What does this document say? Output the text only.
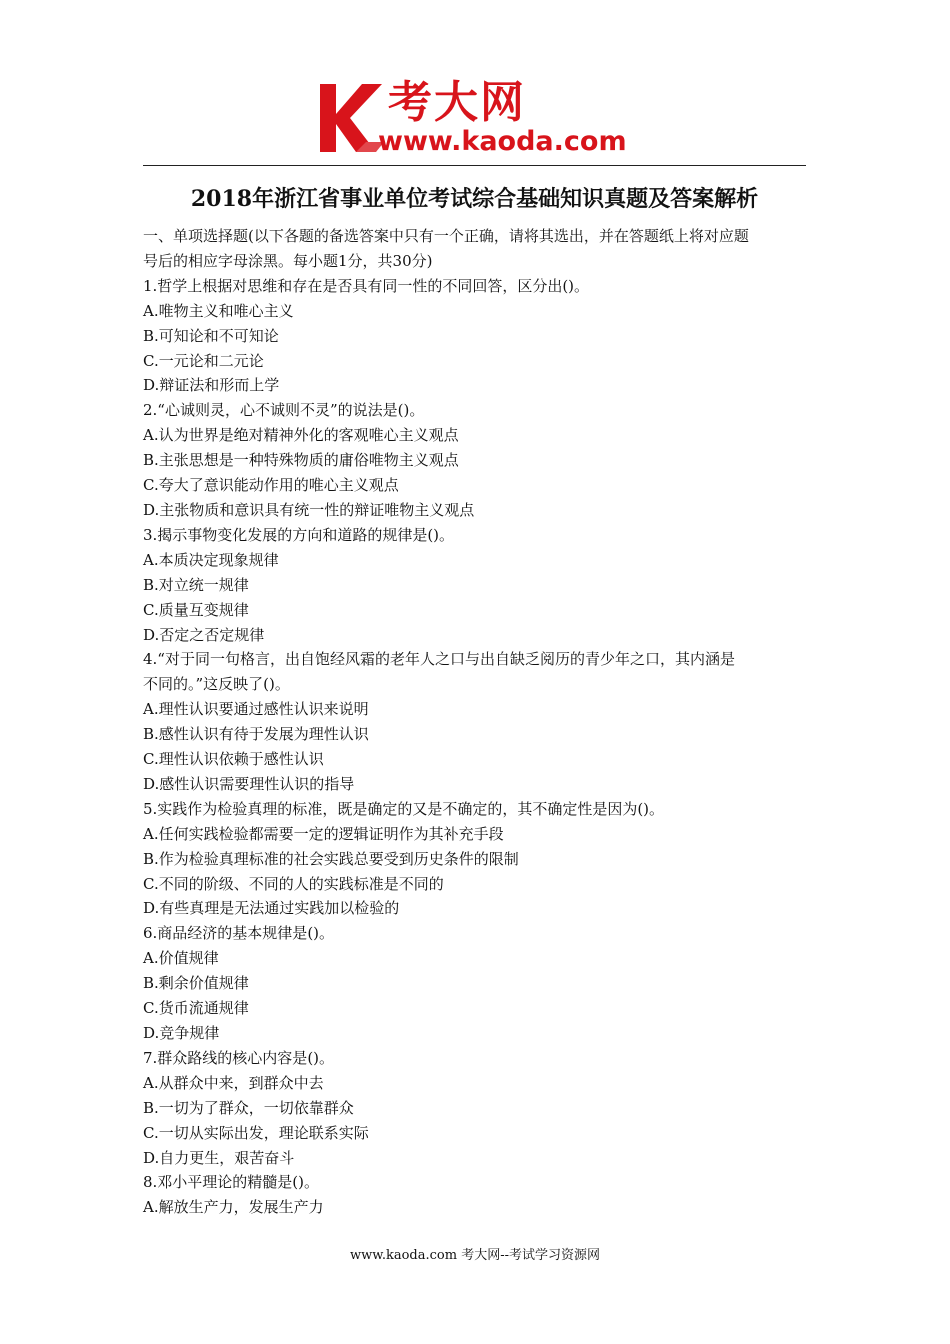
考大网
www.kaoda.com
2018年浙江省事业单位考试综合基础知识真题及答案解析
一、单项选择题(以下各题的备选答案中只有一个正确，请将其选出，并在答题纸上将对应题
号后的相应字母涂黑。每小题1分，共30分)
1.哲学上根据对思维和存在是否具有同一性的不同回答，区分出()。
A.唯物主义和唯心主义
B.可知论和不可知论
C.一元论和二元论
D.辩证法和形而上学
2.“心诚则灵，心不诚则不灵”的说法是()。
A.认为世界是绝对精神外化的客观唯心主义观点
B.主张思想是一种特殊物质的庸俗唯物主义观点
C.夸大了意识能动作用的唯心主义观点
D.主张物质和意识具有统一性的辩证唯物主义观点
3.揭示事物变化发展的方向和道路的规律是()。
A.本质决定现象规律
B.对立统一规律
C.质量互变规律
D.否定之否定规律
4.“对于同一句格言，出自饱经风霜的老年人之口与出自缺乏阅历的青少年之口，其内涵是
不同的。”这反映了()。
A.理性认识要通过感性认识来说明
B.感性认识有待于发展为理性认识
C.理性认识依赖于感性认识
D.感性认识需要理性认识的指导
5.实践作为检验真理的标准，既是确定的又是不确定的，其不确定性是因为()。
A.任何实践检验都需要一定的逻辑证明作为其补充手段
B.作为检验真理标准的社会实践总要受到历史条件的限制
C.不同的阶级、不同的人的实践标准是不同的
D.有些真理是无法通过实践加以检验的
6.商品经济的基本规律是()。
A.价值规律
B.剩余价值规律
C.货币流通规律
D.竞争规律
7.群众路线的核心内容是()。
A.从群众中来，到群众中去
B.一切为了群众，一切依靠群众
C.一切从实际出发，理论联系实际
D.自力更生，艰苦奋斗
8.邓小平理论的精髓是()。
A.解放生产力，发展生产力
www.kaoda.com 考大网--考试学习资源网
